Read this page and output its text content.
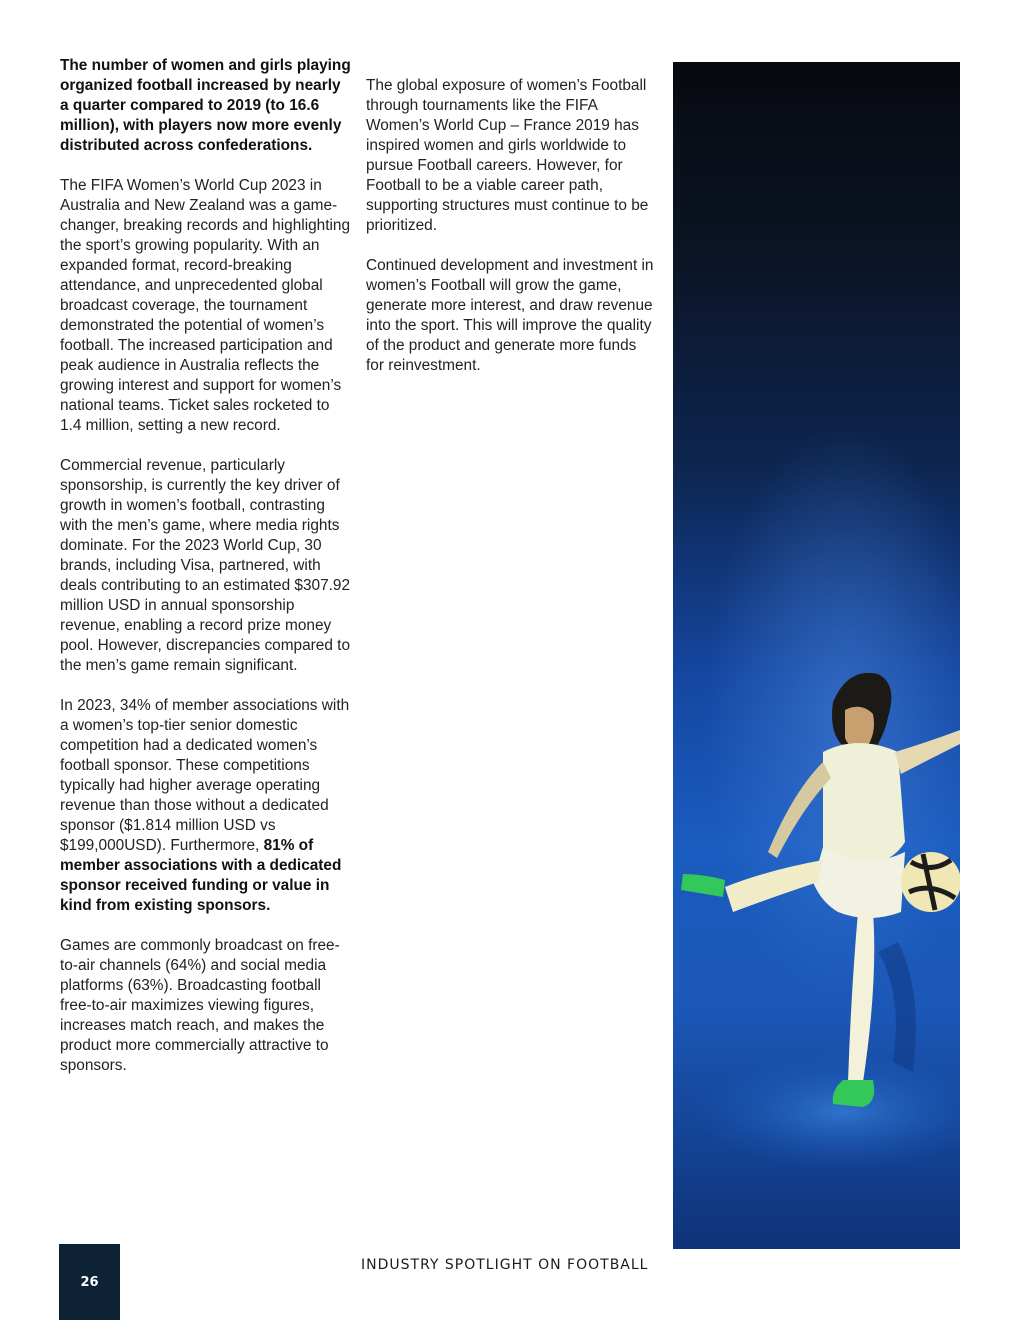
The number of women and girls playing organized football increased by nearly a quarter compared to 2019 (to 16.6 million), with players now more evenly distributed across confederations.

The FIFA Women’s World Cup 2023 in Australia and New Zealand was a game-changer, breaking records and highlighting the sport’s growing popularity. With an expanded format, record-breaking attendance, and unprecedented global broadcast coverage, the tournament demonstrated the potential of women’s football. The increased participation and peak audience in Australia reflects the growing interest and support for women’s national teams. Ticket sales rocketed to 1.4 million, setting a new record.

Commercial revenue, particularly sponsorship, is currently the key driver of growth in women’s football, contrasting with the men’s game, where media rights dominate. For the 2023 World Cup, 30 brands, including Visa, partnered, with deals contributing to an estimated $307.92 million USD in annual sponsorship revenue, enabling a record prize money pool. However, discrepancies compared to the men’s game remain significant.

In 2023, 34% of member associations with a women’s top-tier senior domestic competition had a dedicated women’s football sponsor. These competitions typically had higher average operating revenue than those without a dedicated sponsor ($1.814 million USD vs $199,000USD). Furthermore, 81% of member associations with a dedicated sponsor received funding or value in kind from existing sponsors.

Games are commonly broadcast on free-to-air channels (64%) and social media platforms (63%). Broadcasting football free-to-air maximizes viewing figures, increases match reach, and makes the product more commercially attractive to sponsors.

The global exposure of women’s Football through tournaments like the FIFA Women’s World Cup – France 2019 has inspired women and girls worldwide to pursue Football careers. However, for Football to be a viable career path, supporting structures must continue to be prioritized.

Continued development and investment in women’s Football will grow the game, generate more interest, and draw revenue into the sport. This will improve the quality of the product and generate more funds for reinvestment.

26
INDUSTRY SPOTLIGHT ON FOOTBALL
